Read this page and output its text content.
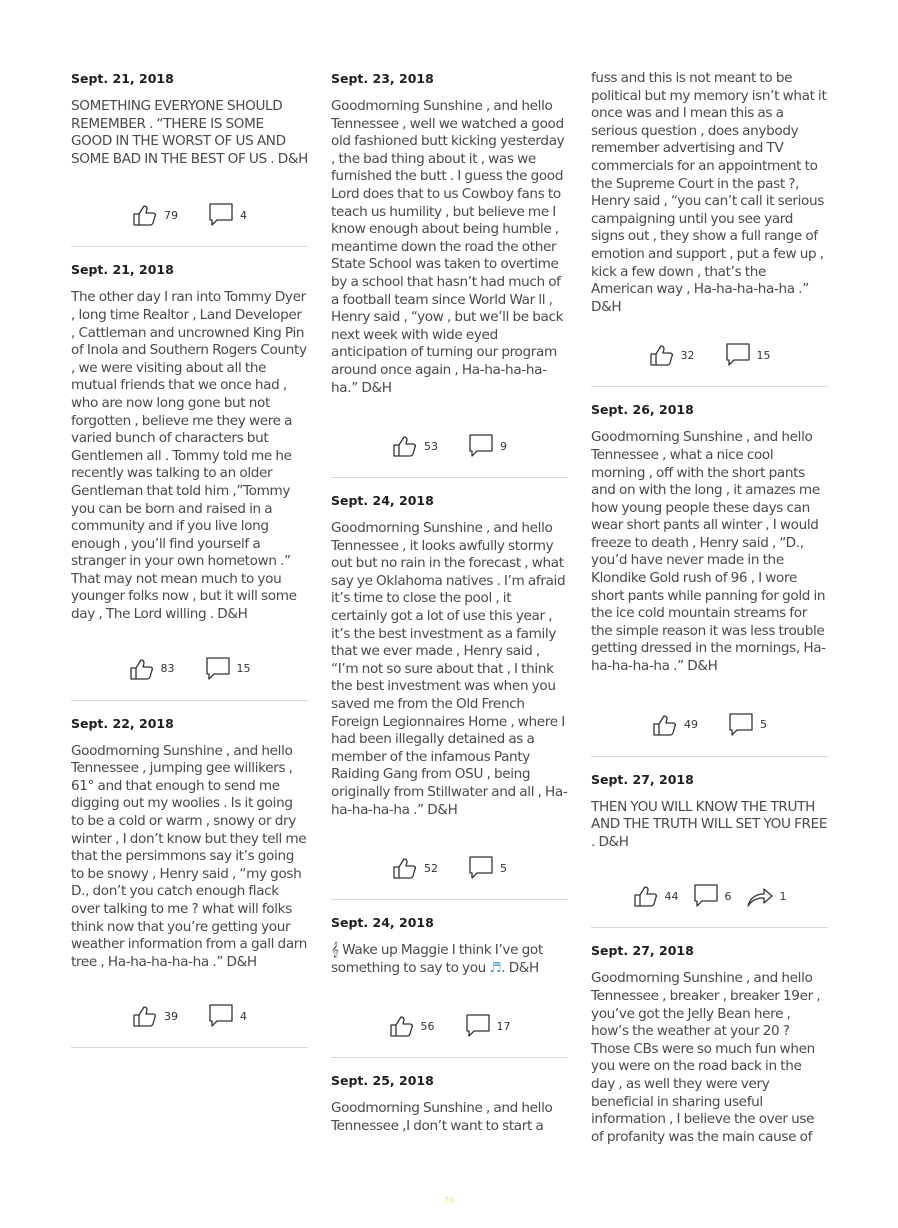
Sept. 21, 2018

SOMETHING EVERYONE SHOULD REMEMBER . “THERE IS SOME GOOD IN THE WORST OF US AND SOME BAD IN THE BEST OF US . D&H

79	4

Sept. 21, 2018

The other day I ran into Tommy Dyer , long time Realtor , Land Developer , Cattleman and uncrowned King Pin of Inola and Southern Rogers County , we were visiting about all the mutual friends that we once had , who are now long gone but not forgotten , believe me they were a varied bunch of characters but Gentlemen all . Tommy told me he recently was talking to an older Gentleman that told him ,”Tommy you can be born and raised in a community and if you live long enough , you’ll find yourself a stranger in your own hometown .” That may not mean much to you younger folks now , but it will some day , The Lord willing . D&H

83	15

Sept. 22, 2018

Goodmorning Sunshine , and hello Tennessee , jumping gee willikers , 61° and that enough to send me digging out my woolies . Is it going to be a cold or warm , snowy or dry winter , I don’t know but they tell me that the persimmons say it’s going to be snowy , Henry said , “my gosh D., don’t you catch enough flack over talking to me ? what will folks think now that you’re getting your weather information from a gall darn tree , Ha-ha-ha-ha-ha .” D&H

39	4

Sept. 23, 2018

Goodmorning Sunshine , and hello Tennessee , well we watched a good old fashioned butt kicking yesterday , the bad thing about it , was we furnished the butt . I guess the good Lord does that to us Cowboy fans to teach us humility , but believe me I know enough about being humble , meantime down the road the other State School was taken to overtime by a school that hasn’t had much of a football team since World War ll , Henry said , “yow , but we’ll be back next week with wide eyed anticipation of turning our program around once again , Ha-ha-ha-ha-ha.” D&H

53	9

Sept. 24, 2018

Goodmorning Sunshine , and hello Tennessee , it looks awfully stormy out but no rain in the forecast , what say ye Oklahoma natives . I’m afraid it’s time to close the pool , it certainly got a lot of use this year , it’s the best investment as a family that we ever made , Henry said , “I’m not so sure about that , I think the best investment was when you saved me from the Old French Foreign Legionnaires Home , where I had been illegally detained as a member of the infamous Panty Raiding Gang from OSU , being originally from Stillwater and all , Ha-ha-ha-ha-ha .” D&H

52	5

Sept. 24, 2018

𝄞 Wake up Maggie I think I’ve got something to say to you ♬. D&H

56	17

Sept. 25, 2018

Goodmorning Sunshine , and hello Tennessee ,I don’t want to start a

fuss and this is not meant to be political but my memory isn’t what it once was and I mean this as a serious question , does anybody remember advertising and TV commercials for an appointment to the Supreme Court in the past ?, Henry said , “you can’t call it serious campaigning until you see yard signs out , they show a full range of emotion and support , put a few up , kick a few down , that’s the American way , Ha-ha-ha-ha-ha .” D&H

32	15

Sept. 26, 2018

Goodmorning Sunshine , and hello Tennessee , what a nice cool morning , off with the short pants and on with the long , it amazes me how young people these days can wear short pants all winter , I would freeze to death , Henry said , “D., you’d have never made in the Klondike Gold rush of 96 , I wore short pants while panning for gold in the ice cold mountain streams for the simple reason it was less trouble getting dressed in the mornings, Ha-ha-ha-ha-ha .” D&H

49	5

Sept. 27, 2018

THEN YOU WILL KNOW THE TRUTH AND THE TRUTH WILL SET YOU FREE . D&H

44	6	1

Sept. 27, 2018

Goodmorning Sunshine , and hello Tennessee , breaker , breaker 19er , you’ve got the Jelly Bean here , how’s the weather at your 20 ? Those CBs were so much fun when you were on the road back in the day , as well they were very beneficial in sharing useful information , I believe the over use of profanity was the main cause of

78
